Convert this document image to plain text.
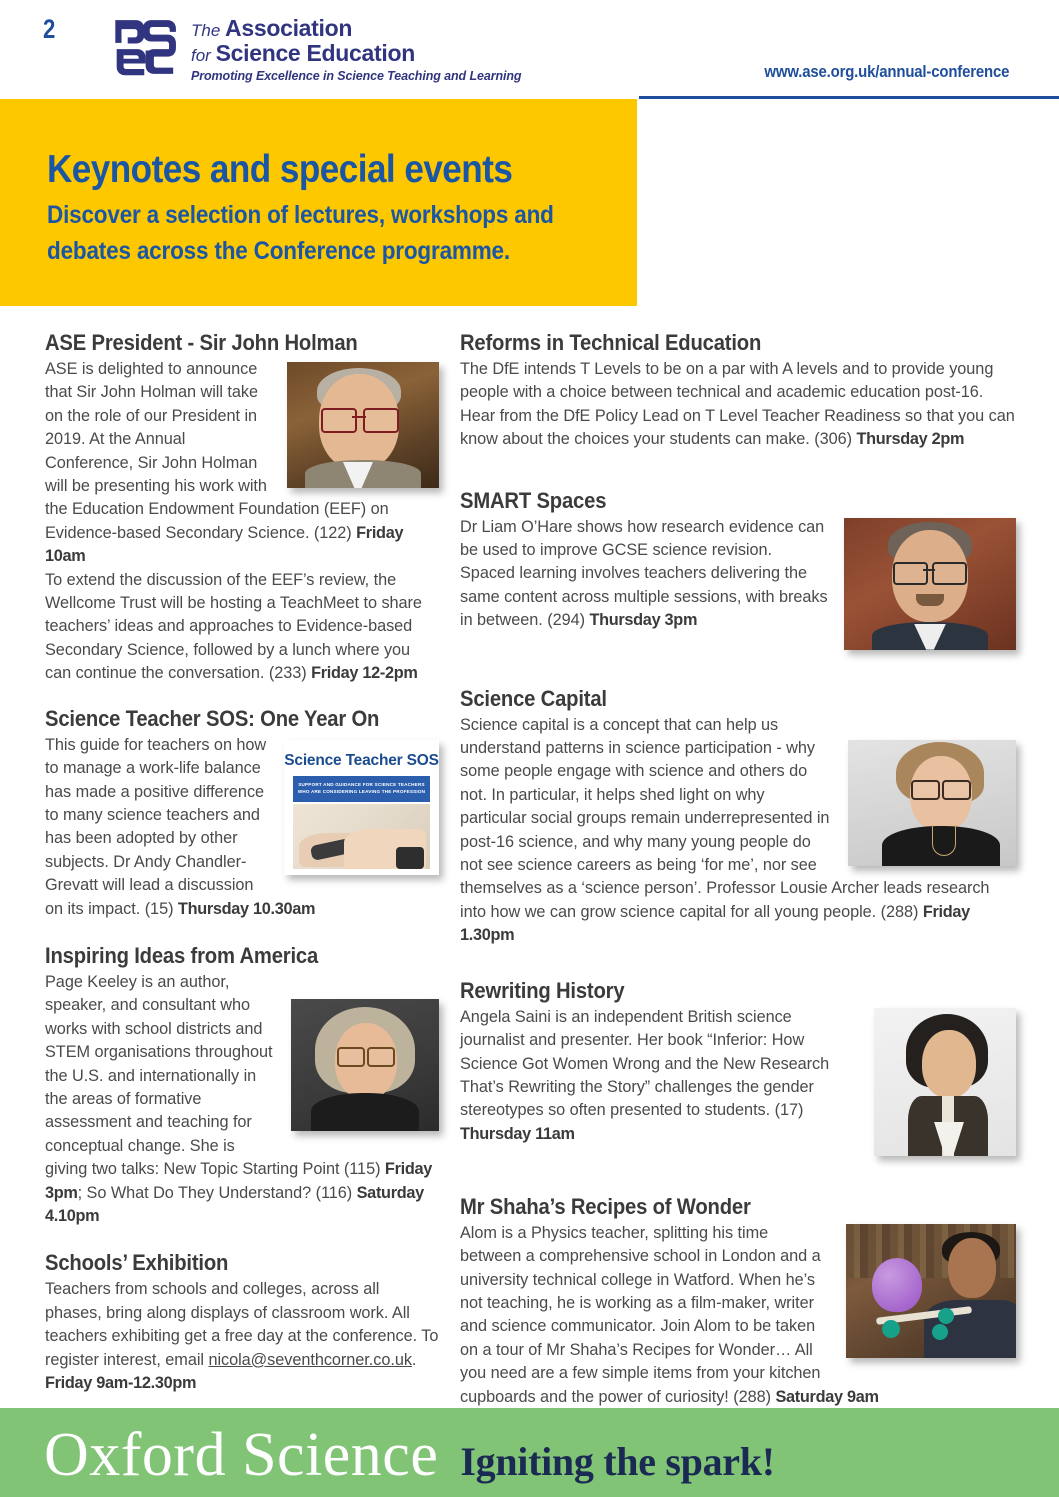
2	The Association
for Science Education
Promoting Excellence in Science Teaching and Learning	www.ase.org.uk/annual-conference
Keynotes and special events
Discover a selection of lectures, workshops and
debates across the Conference programme.
ASE President - Sir John Holman
ASE is delighted to announce that Sir John Holman will take on the role of our President in 2019. At the Annual Conference, Sir John Holman will be presenting his work with the Education Endowment Foundation (EEF) on Evidence-based Secondary Science. (122) Friday 10am
To extend the discussion of the EEF’s review, the Wellcome Trust will be hosting a TeachMeet to share teachers’ ideas and approaches to Evidence-based Secondary Science, followed by a lunch where you can continue the conversation. (233) Friday 12-2pm
Science Teacher SOS: One Year On
Science Teacher SOS
SUPPORT AND GUIDANCE FOR SCIENCE TEACHERS WHO ARE CONSIDERING LEAVING THE PROFESSION
This guide for teachers on how to manage a work-life balance has made a positive difference to many science teachers and has been adopted by other subjects. Dr Andy Chandler-Grevatt will lead a discussion on its impact. (15) Thursday 10.30am
Inspiring Ideas from America
Page Keeley is an author, speaker, and consultant who works with school districts and STEM organisations throughout the U.S. and internationally in the areas of formative assessment and teaching for conceptual change. She is giving two talks: New Topic Starting Point (115) Friday 3pm; So What Do They Understand? (116) Saturday 4.10pm
Schools’ Exhibition
Teachers from schools and colleges, across all phases, bring along displays of classroom work. All teachers exhibiting get a free day at the conference. To register interest, email nicola@seventhcorner.co.uk. Friday 9am-12.30pm
Reforms in Technical Education
The DfE intends T Levels to be on a par with A levels and to provide young people with a choice between technical and academic education post-16. Hear from the DfE Policy Lead on T Level Teacher Readiness so that you can know about the choices your students can make. (306) Thursday 2pm
SMART Spaces
Dr Liam O’Hare shows how research evidence can be used to improve GCSE science revision. Spaced learning involves teachers delivering the same content across multiple sessions, with breaks in between. (294) Thursday 3pm
Science Capital
Science capital is a concept that can help us understand patterns in science participation - why some people engage with science and others do not. In particular, it helps shed light on why particular social groups remain underrepresented in post-16 science, and why many young people do not see science careers as being ‘for me’, nor see themselves as a ‘science person’. Professor Lousie Archer leads research into how we can grow science capital for all young people. (288) Friday 1.30pm
Rewriting History
Angela Saini is an independent British science journalist and presenter. Her book “Inferior: How Science Got Women Wrong and the New Research That’s Rewriting the Story” challenges the gender stereotypes so often presented to students. (17) Thursday 11am
Mr Shaha’s Recipes of Wonder
Alom is a Physics teacher, splitting his time between a comprehensive school in London and a university technical college in Watford. When he’s not teaching, he is working as a film-maker, writer and science communicator. Join Alom to be taken on a tour of Mr Shaha’s Recipes for Wonder… All you need are a few simple items from your kitchen cupboards and the power of curiosity! (288) Saturday 9am
Oxford Science Igniting the spark!
